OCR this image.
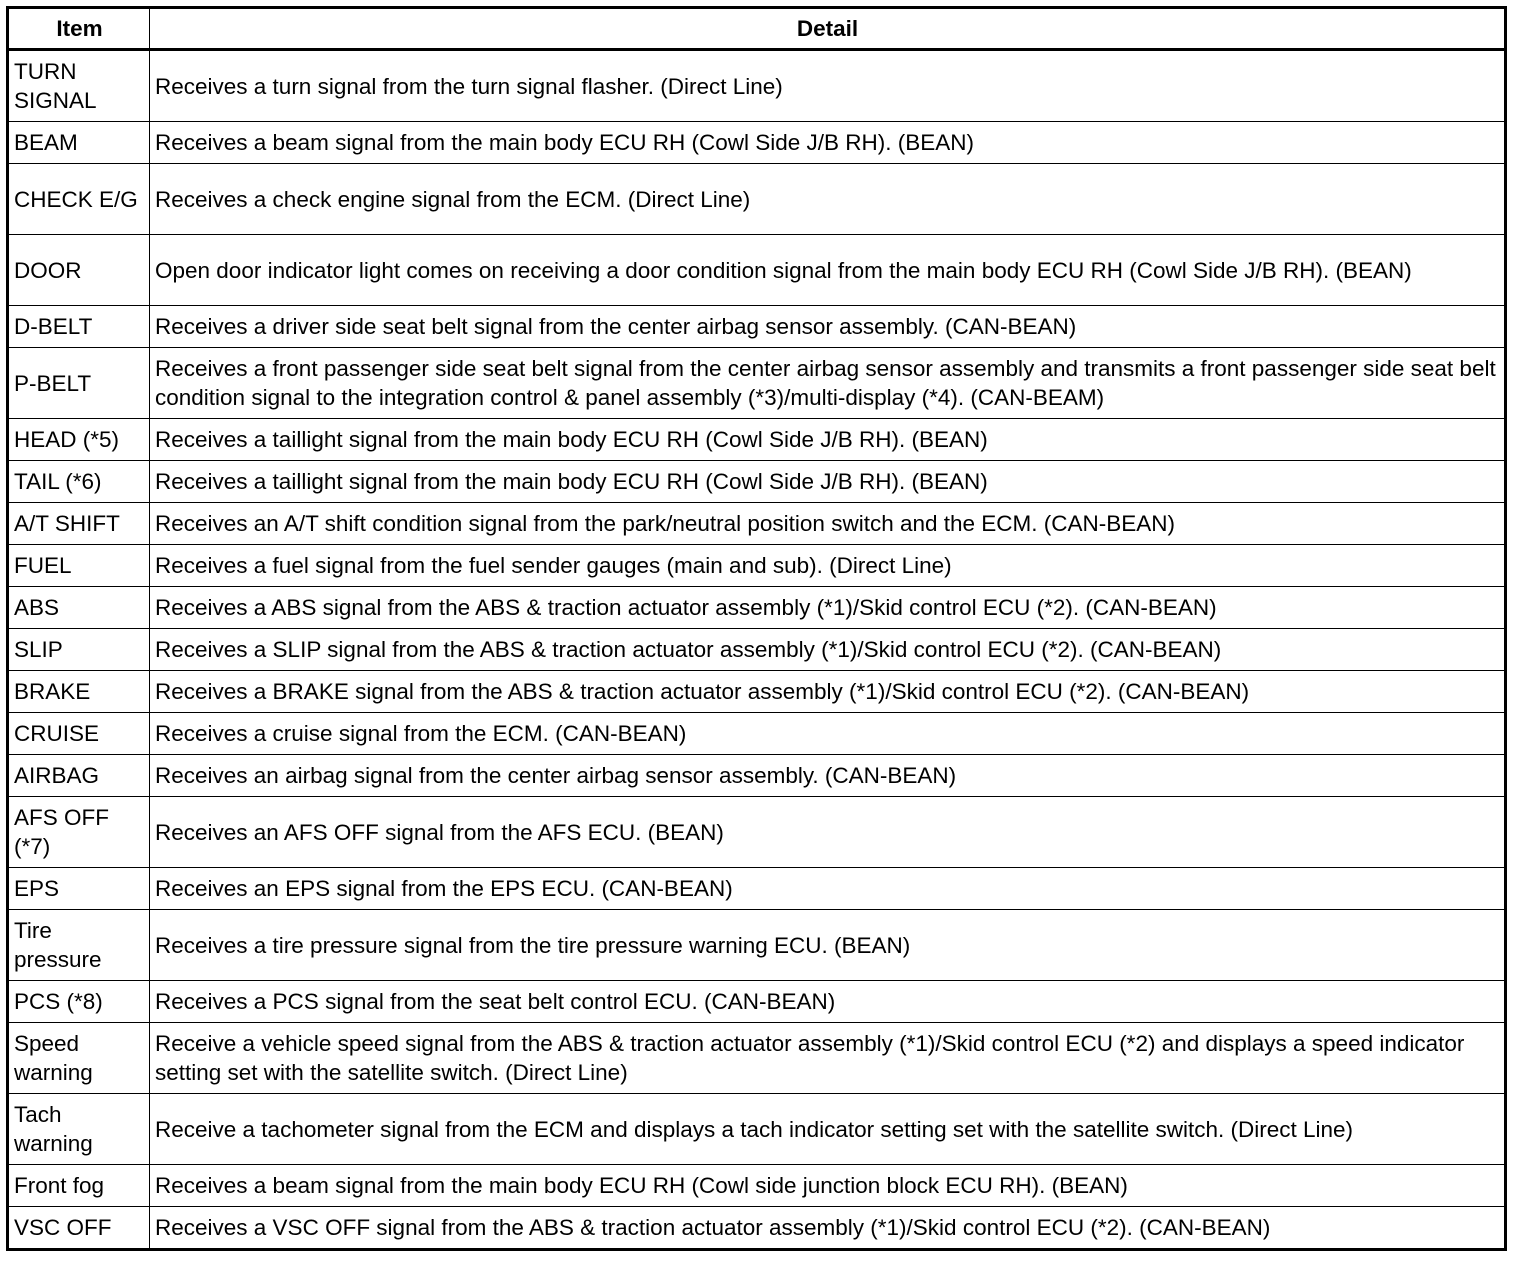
Item	Detail
TURN SIGNAL	Receives a turn signal from the turn signal flasher. (Direct Line)
BEAM	Receives a beam signal from the main body ECU RH (Cowl Side J/B RH). (BEAN)
CHECK E/G	Receives a check engine signal from the ECM. (Direct Line)
DOOR	Open door indicator light comes on receiving a door condition signal from the main body ECU RH (Cowl Side J/B RH). (BEAN)
D-BELT	Receives a driver side seat belt signal from the center airbag sensor assembly. (CAN-BEAN)
P-BELT	Receives a front passenger side seat belt signal from the center airbag sensor assembly and transmits a front passenger side seat belt condition signal to the integration control & panel assembly (*3)/multi-display (*4). (CAN-BEAM)
HEAD (*5)	Receives a taillight signal from the main body ECU RH (Cowl Side J/B RH). (BEAN)
TAIL (*6)	Receives a taillight signal from the main body ECU RH (Cowl Side J/B RH). (BEAN)
A/T SHIFT	Receives an A/T shift condition signal from the park/neutral position switch and the ECM. (CAN-BEAN)
FUEL	Receives a fuel signal from the fuel sender gauges (main and sub). (Direct Line)
ABS	Receives a ABS signal from the ABS & traction actuator assembly (*1)/Skid control ECU (*2). (CAN-BEAN)
SLIP	Receives a SLIP signal from the ABS & traction actuator assembly (*1)/Skid control ECU (*2). (CAN-BEAN)
BRAKE	Receives a BRAKE signal from the ABS & traction actuator assembly (*1)/Skid control ECU (*2). (CAN-BEAN)
CRUISE	Receives a cruise signal from the ECM. (CAN-BEAN)
AIRBAG	Receives an airbag signal from the center airbag sensor assembly. (CAN-BEAN)
AFS OFF (*7)	Receives an AFS OFF signal from the AFS ECU. (BEAN)
EPS	Receives an EPS signal from the EPS ECU. (CAN-BEAN)
Tire pressure	Receives a tire pressure signal from the tire pressure warning ECU. (BEAN)
PCS (*8)	Receives a PCS signal from the seat belt control ECU. (CAN-BEAN)
Speed warning	Receive a vehicle speed signal from the ABS & traction actuator assembly (*1)/Skid control ECU (*2) and displays a speed indicator setting set with the satellite switch. (Direct Line)
Tach warning	Receive a tachometer signal from the ECM and displays a tach indicator setting set with the satellite switch. (Direct Line)
Front fog	Receives a beam signal from the main body ECU RH (Cowl side junction block ECU RH). (BEAN)
VSC OFF	Receives a VSC OFF signal from the ABS & traction actuator assembly (*1)/Skid control ECU (*2). (CAN-BEAN)
